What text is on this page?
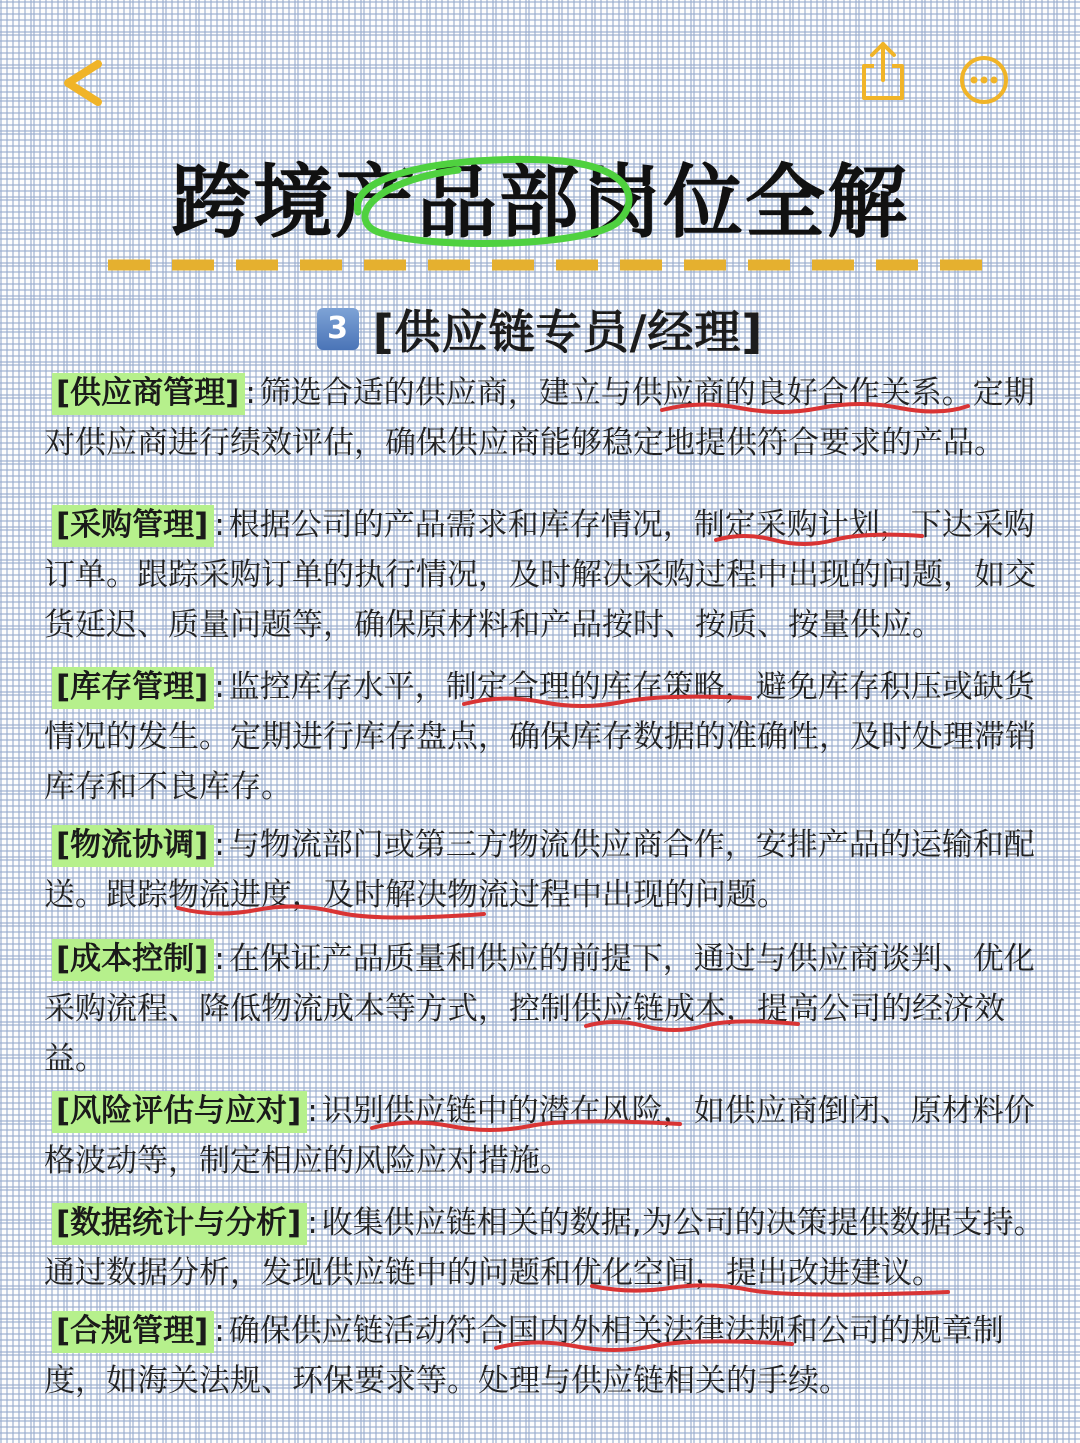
跨境产品部岗位全解
3 [供应链专员/经理]
[供应商管理] : 筛选合适的供应商，建立与供应商的良好合作关系。定期对供应商进行绩效评估，确保供应商能够稳定地提供符合要求的产品。
[采购管理] : 根据公司的产品需求和库存情况，制定采购计划，下达采购订单。跟踪采购订单的执行情况，及时解决采购过程中出现的问题，如交货延迟、质量问题等，确保原材料和产品按时、按质、按量供应。
[库存管理] : 监控库存水平，制定合理的库存策略，避免库存积压或缺货情况的发生。定期进行库存盘点，确保库存数据的准确性，及时处理滞销库存和不良库存。
[物流协调] : 与物流部门或第三方物流供应商合作，安排产品的运输和配送。跟踪物流进度，及时解决物流过程中出现的问题。
[成本控制] : 在保证产品质量和供应的前提下，通过与供应商谈判、优化采购流程、降低物流成本等方式，控制供应链成本，提高公司的经济效益。
[风险评估与应对] : 识别供应链中的潜在风险，如供应商倒闭、原材料价格波动等，制定相应的风险应对措施。
[数据统计与分析] : 收集供应链相关的数据,为公司的决策提供数据支持。通过数据分析，发现供应链中的问题和优化空间，提出改进建议。
[合规管理] : 确保供应链活动符合国内外相关法律法规和公司的规章制度，如海关法规、环保要求等。处理与供应链相关的手续。
